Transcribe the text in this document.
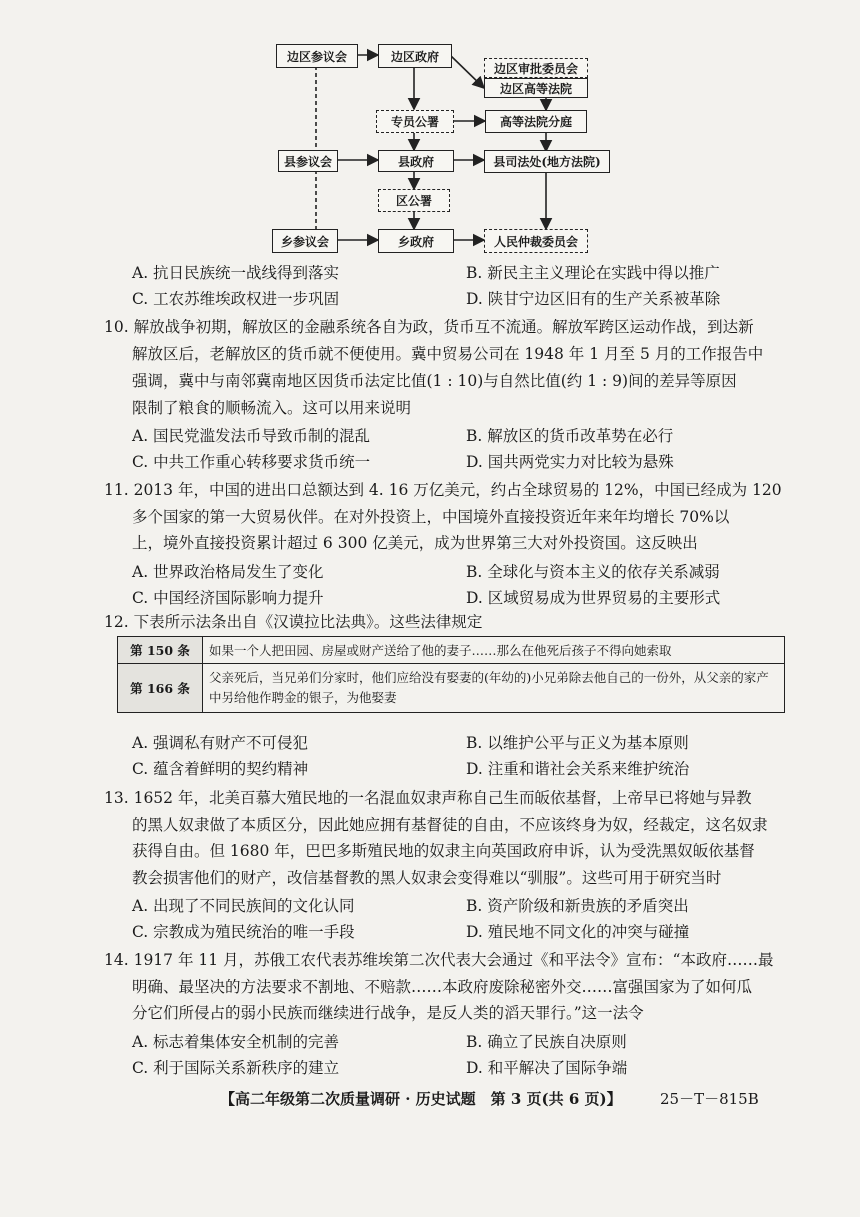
边区参议会	边区政府
边区审批委员会
边区高等法院
专员公署	高等法院分庭
县参议会	县政府	县司法处(地方法院)
区公署
乡参议会	乡政府	人民仲裁委员会
A. 抗日民族统一战线得到落实	B. 新民主主义理论在实践中得以推广
C. 工农苏维埃政权进一步巩固	D. 陕甘宁边区旧有的生产关系被革除
10. 解放战争初期，解放区的金融系统各自为政，货币互不流通。解放军跨区运动作战，到达新
解放区后，老解放区的货币就不便使用。冀中贸易公司在 1948 年 1 月至 5 月的工作报告中
强调，冀中与南邻冀南地区因货币法定比值(1 : 10)与自然比值(约 1 : 9)间的差异等原因
限制了粮食的顺畅流入。这可以用来说明
A. 国民党滥发法币导致币制的混乱	B. 解放区的货币改革势在必行
C. 中共工作重心转移要求货币统一	D. 国共两党实力对比较为悬殊
11. 2013 年，中国的进出口总额达到 4. 16 万亿美元，约占全球贸易的 12%，中国已经成为 120
多个国家的第一大贸易伙伴。在对外投资上，中国境外直接投资近年来年均增长 70%以
上，境外直接投资累计超过 6 300 亿美元，成为世界第三大对外投资国。这反映出
A. 世界政治格局发生了变化	B. 全球化与资本主义的依存关系减弱
C. 中国经济国际影响力提升	D. 区域贸易成为世界贸易的主要形式
12. 下表所示法条出自《汉谟拉比法典》。这些法律规定
第 150 条	如果一个人把田园、房屋或财产送给了他的妻子……那么在他死后孩子不得向她索取
第 166 条	父亲死后，当兄弟们分家时，他们应给没有娶妻的(年幼的)小兄弟除去他自己的一份外，从父亲的家产中另给他作聘金的银子，为他娶妻
A. 强调私有财产不可侵犯	B. 以维护公平与正义为基本原则
C. 蕴含着鲜明的契约精神	D. 注重和谐社会关系来维护统治
13. 1652 年，北美百慕大殖民地的一名混血奴隶声称自己生而皈依基督，上帝早已将她与异教
的黑人奴隶做了本质区分，因此她应拥有基督徒的自由，不应该终身为奴，经裁定，这名奴隶
获得自由。但 1680 年，巴巴多斯殖民地的奴隶主向英国政府申诉，认为受洗黑奴皈依基督
教会损害他们的财产，改信基督教的黑人奴隶会变得难以“驯服”。这些可用于研究当时
A. 出现了不同民族间的文化认同	B. 资产阶级和新贵族的矛盾突出
C. 宗教成为殖民统治的唯一手段	D. 殖民地不同文化的冲突与碰撞
14. 1917 年 11 月，苏俄工农代表苏维埃第二次代表大会通过《和平法令》宣布：“本政府……最
明确、最坚决的方法要求不割地、不赔款……本政府废除秘密外交……富强国家为了如何瓜
分它们所侵占的弱小民族而继续进行战争，是反人类的滔天罪行。”这一法令
A. 标志着集体安全机制的完善	B. 确立了民族自决原则
C. 利于国际关系新秩序的建立	D. 和平解决了国际争端
【高二年级第二次质量调研 · 历史试题　第 3 页(共 6 页)】	25－T－815B
